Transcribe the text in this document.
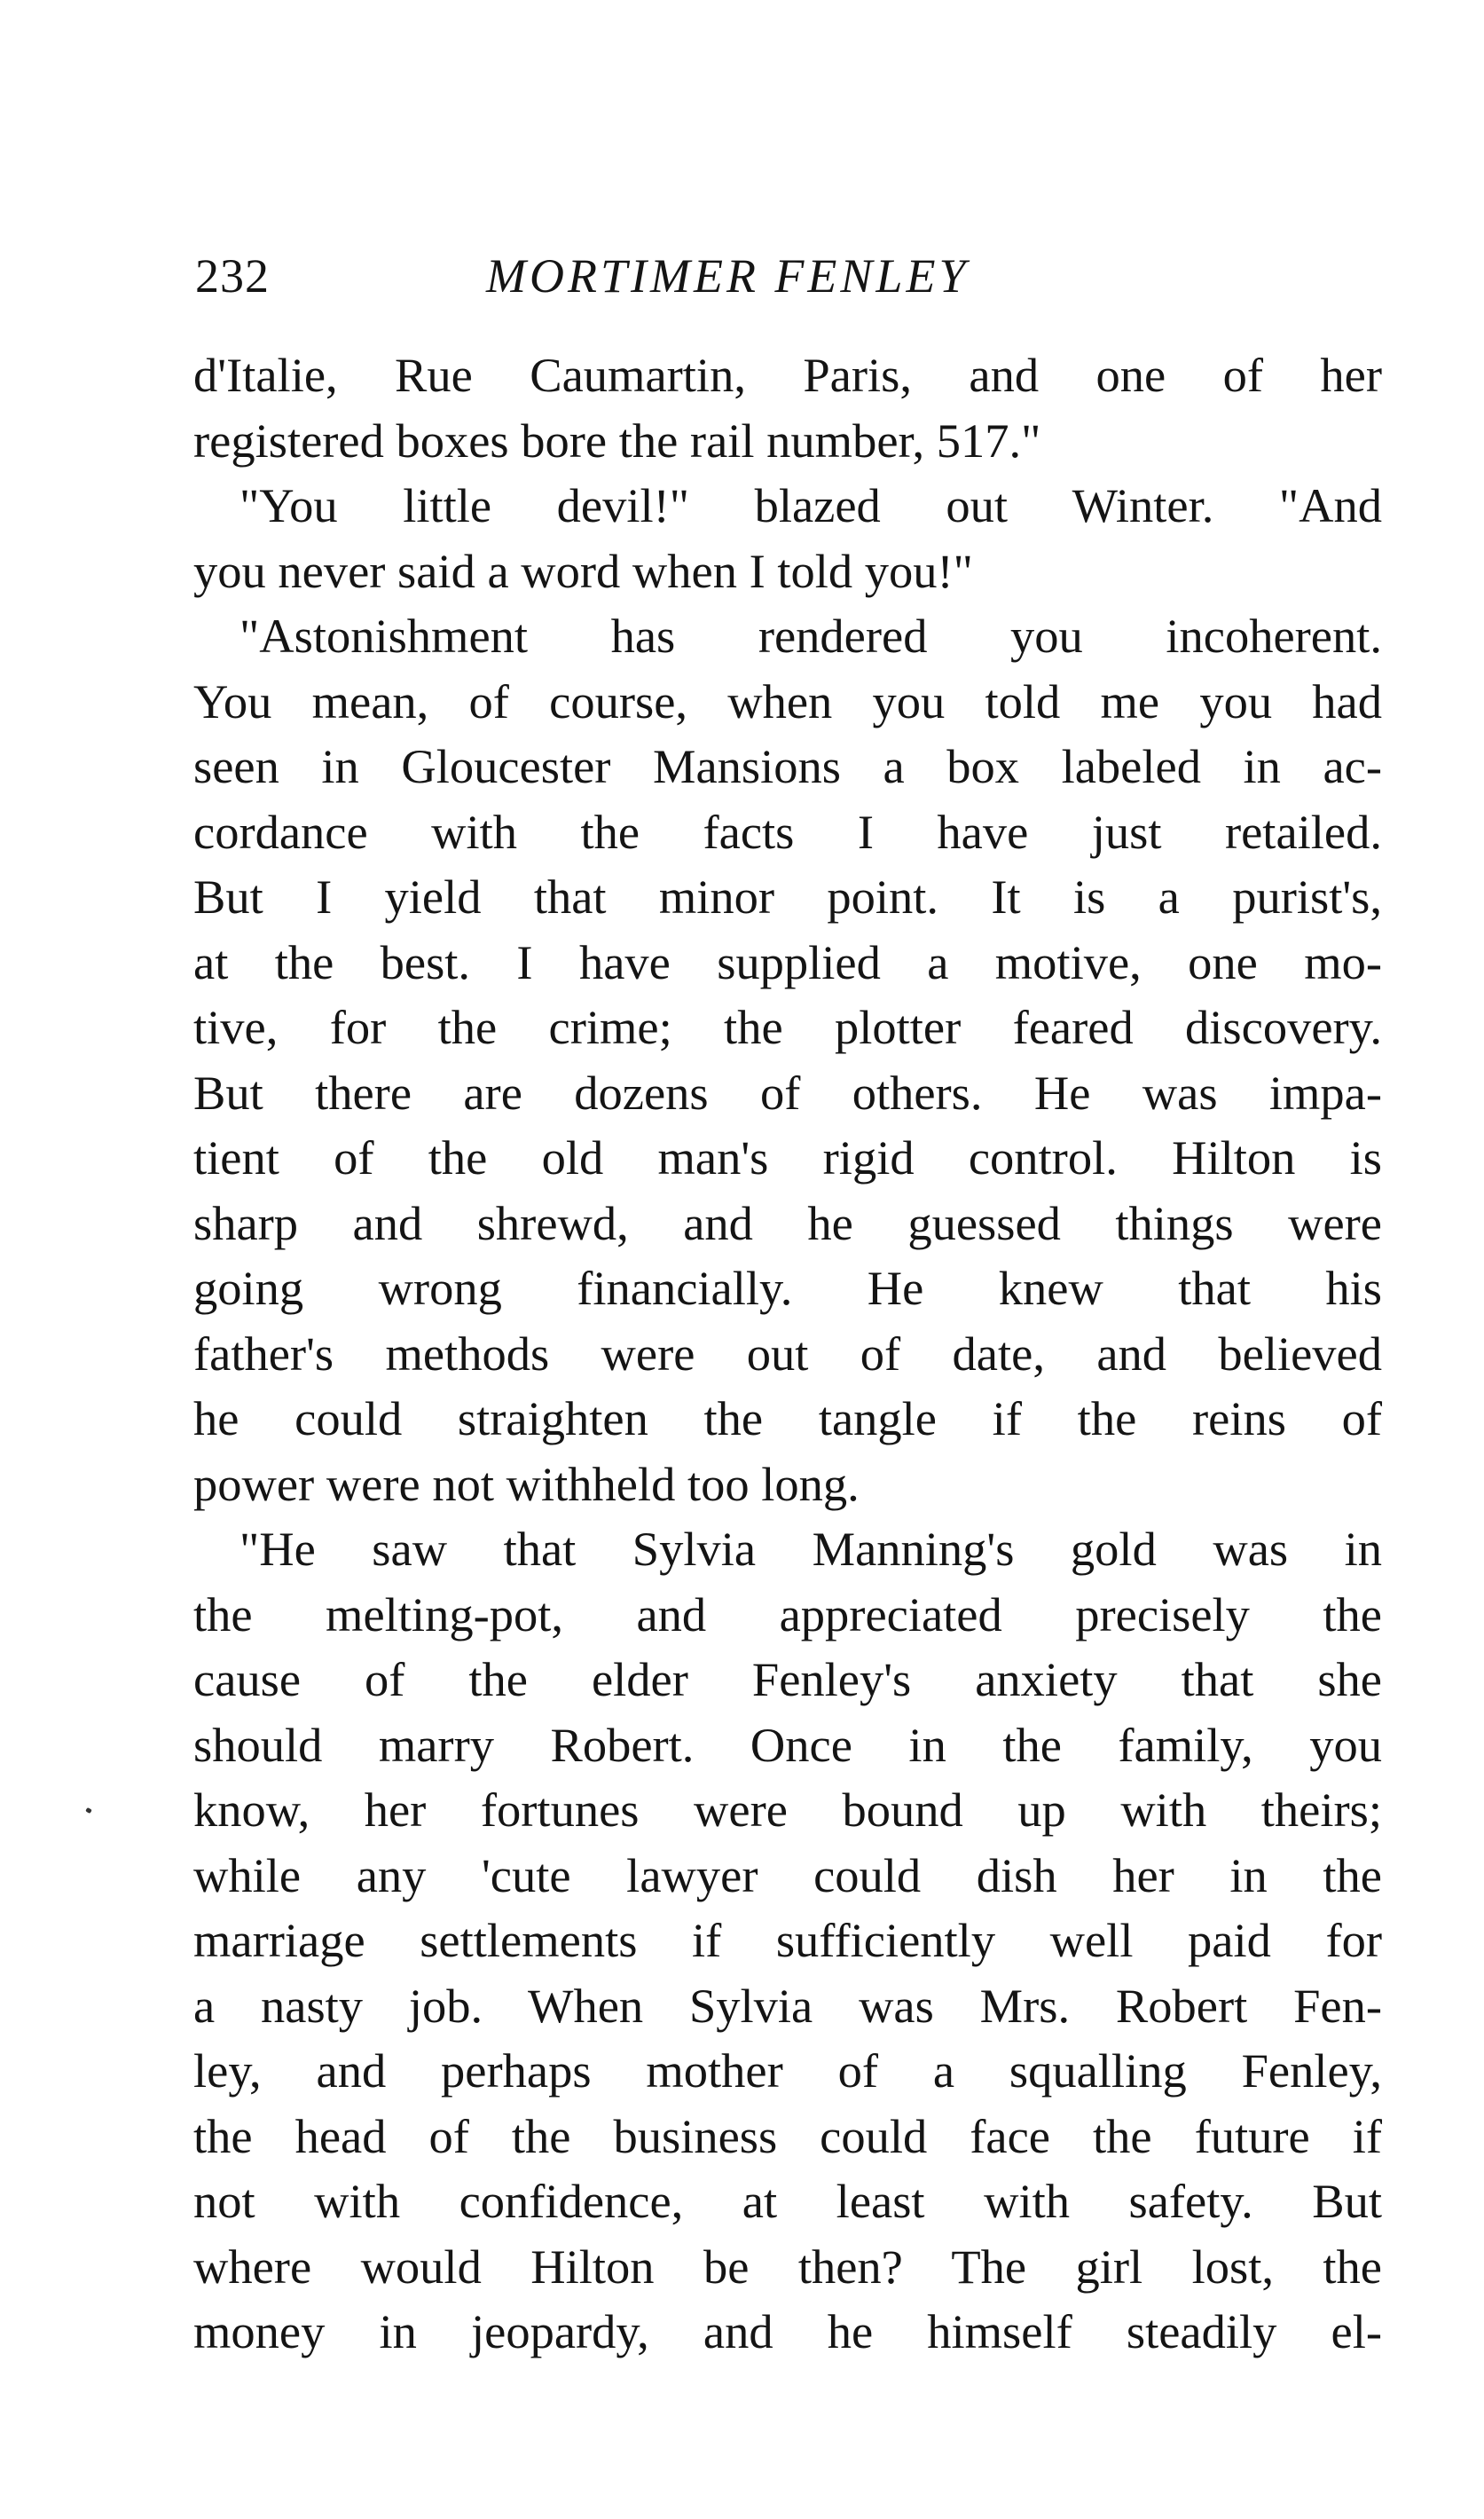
232	MORTIMER FENLEY

d'Italie, Rue Caumartin, Paris, and one of her
registered boxes bore the rail number, 517."

"You little devil!" blazed out Winter. "And
you never said a word when I told you!"

"Astonishment has rendered you incoherent.
You mean, of course, when you told me you had
seen in Gloucester Mansions a box labeled in ac-
cordance with the facts I have just retailed.
But I yield that minor point. It is a purist's,
at the best. I have supplied a motive, one mo-
tive, for the crime; the plotter feared discovery.
But there are dozens of others. He was impa-
tient of the old man's rigid control. Hilton is
sharp and shrewd, and he guessed things were
going wrong financially. He knew that his
father's methods were out of date, and believed
he could straighten the tangle if the reins of
power were not withheld too long.

"He saw that Sylvia Manning's gold was in
the melting-pot, and appreciated precisely the
cause of the elder Fenley's anxiety that she
should marry Robert. Once in the family, you
know, her fortunes were bound up with theirs;
while any 'cute lawyer could dish her in the
marriage settlements if sufficiently well paid for
a nasty job. When Sylvia was Mrs. Robert Fen-
ley, and perhaps mother of a squalling Fenley,
the head of the business could face the future if
not with confidence, at least with safety. But
where would Hilton be then? The girl lost, the
money in jeopardy, and he himself steadily el-
